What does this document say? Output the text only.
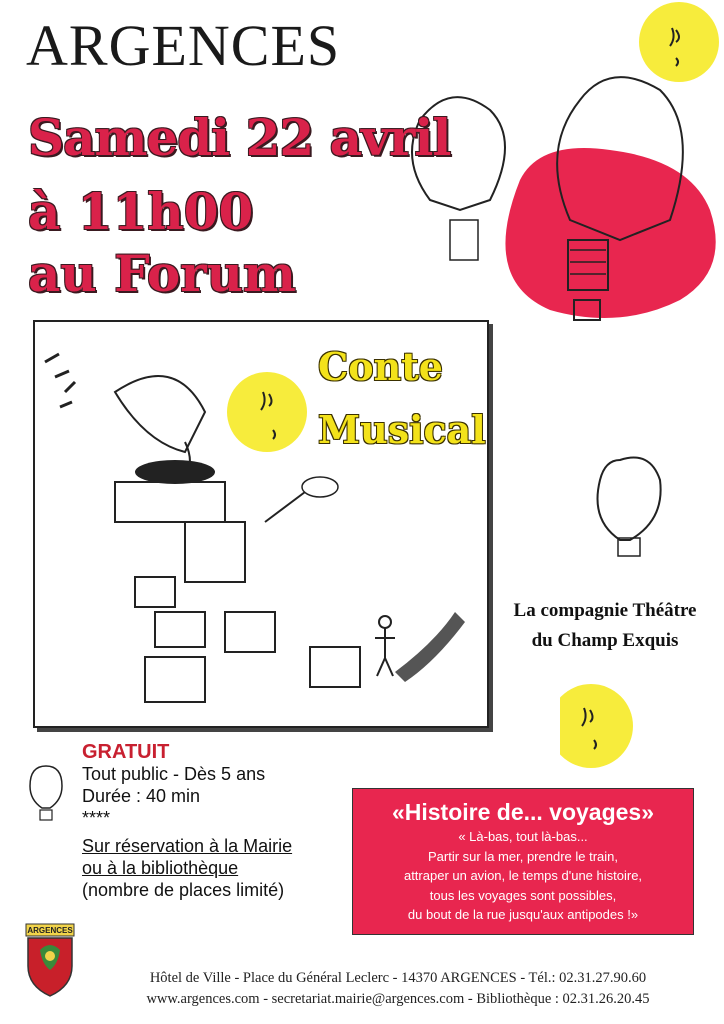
ARGENCES
Samedi 22 avril
à 11h00
au Forum
Conte
Musical
La compagnie Théâtre
du Champ Exquis
GRATUIT
Tout public - Dès 5 ans
Durée : 40 min
****
Sur réservation à la Mairie
ou à la bibliothèque
(nombre de places limité)
«Histoire de... voyages»
« Là-bas, tout là-bas...
Partir sur la mer, prendre le train,
attraper un avion, le temps d'une histoire,
tous les voyages sont possibles,
du bout de la rue jusqu'aux antipodes !»
ARGENCES
Hôtel de Ville - Place du Général Leclerc - 14370 ARGENCES - Tél.: 02.31.27.90.60
www.argences.com - secretariat.mairie@argences.com - Bibliothèque : 02.31.26.20.45
